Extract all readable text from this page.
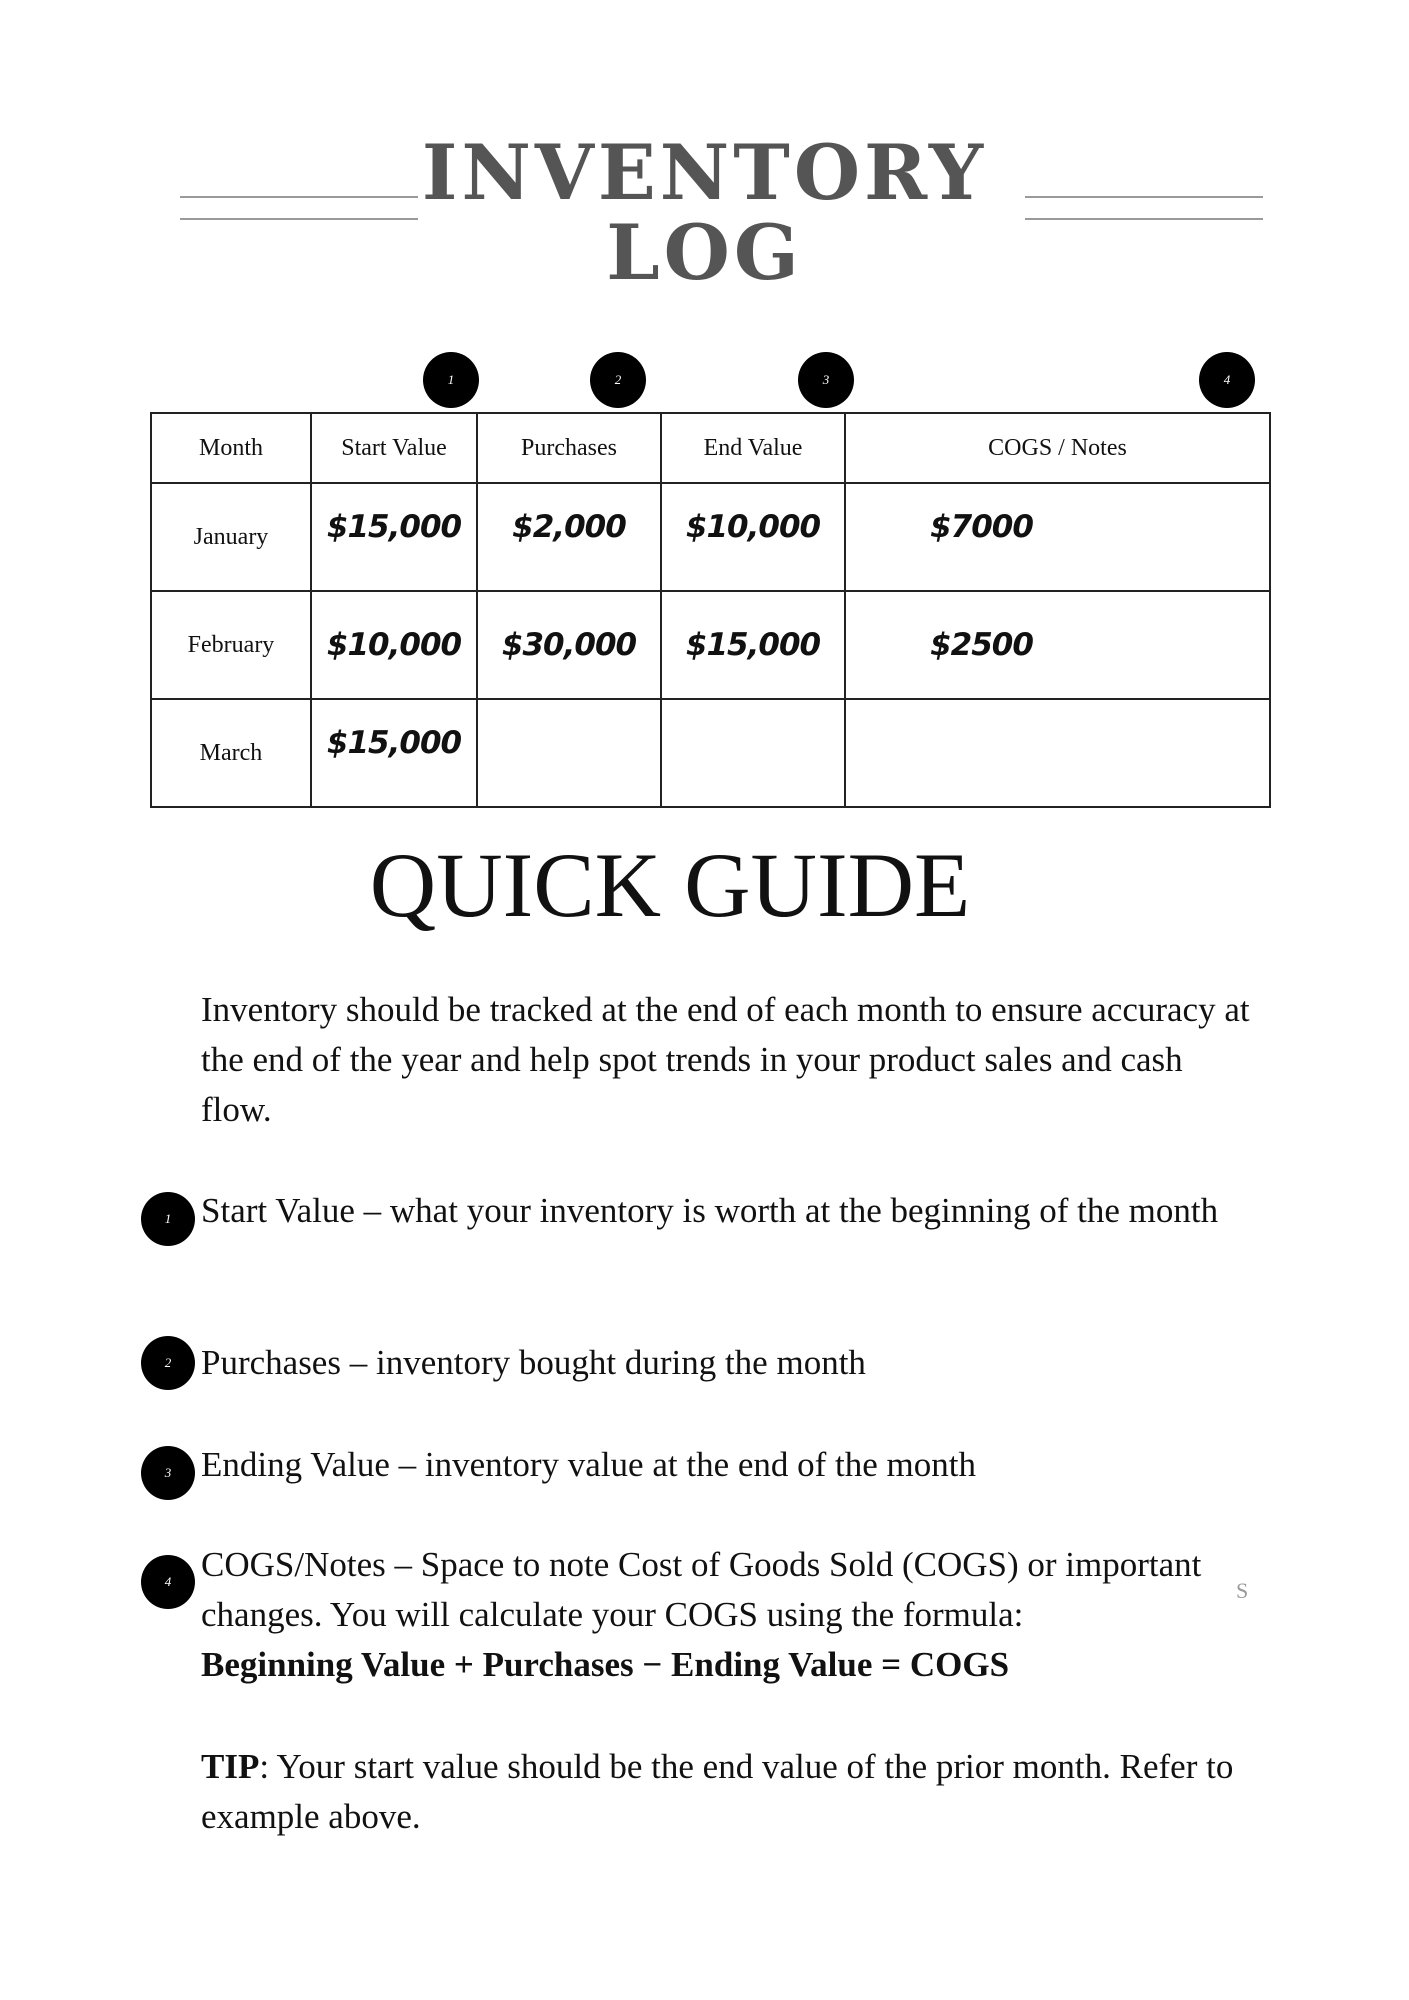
INVENTORY
LOG
1	2	3	4
Month	Start Value	Purchases	End Value	COGS / Notes
January	$15,000	$2,000	$10,000	$7000
February	$10,000	$30,000	$15,000	$2500
March	$15,000			
QUICK GUIDE

Inventory should be tracked at the end of each month to ensure accuracy at the end of the year and help spot trends in your product sales and cash flow.

1 Start Value – what your inventory is worth at the beginning of the month

2 Purchases – inventory bought during the month

3 Ending Value – inventory value at the end of the month

4 COGS/Notes – Space to note Cost of Goods Sold (COGS) or important changes. You will calculate your COGS using the formula:

Beginning Value + Purchases − Ending Value = COGS

TIP: Your start value should be the end value of the prior month. Refer to example above.

S
